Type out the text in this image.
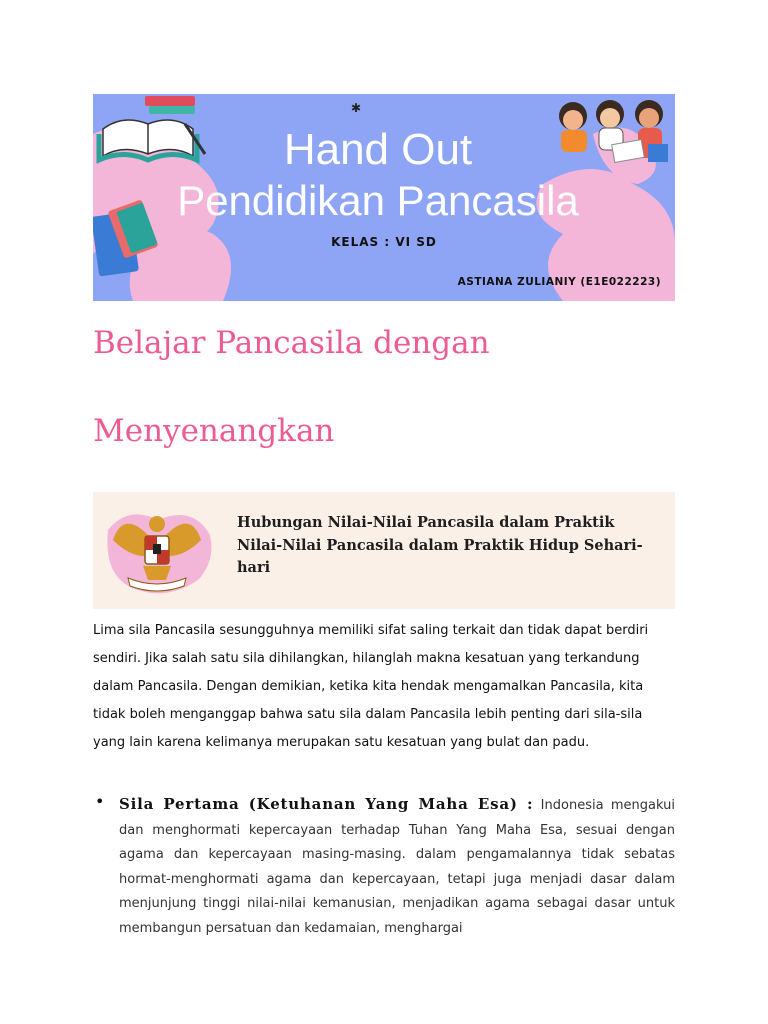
✱
Hand Out
Pendidikan Pancasila
KELAS : VI SD
ASTIANA ZULIANIY (E1E022223)
Belajar Pancasila dengan
Menyenangkan
Hubungan Nilai-Nilai Pancasila dalam Praktik Nilai-Nilai Pancasila dalam Praktik Hidup Sehari-hari
Lima sila Pancasila sesungguhnya memiliki sifat saling terkait dan tidak dapat berdiri sendiri. Jika salah satu sila dihilangkan, hilanglah makna kesatuan yang terkandung dalam Pancasila. Dengan demikian, ketika kita hendak mengamalkan Pancasila, kita tidak boleh menganggap bahwa satu sila dalam Pancasila lebih penting dari sila-sila yang lain karena kelimanya merupakan satu kesatuan yang bulat dan padu.
• Sila Pertama (Ketuhanan Yang Maha Esa) : Indonesia mengakui dan menghormati kepercayaan terhadap Tuhan Yang Maha Esa, sesuai dengan agama dan kepercayaan masing-masing. dalam pengamalannya tidak sebatas hormat-menghormati agama dan kepercayaan, tetapi juga menjadi dasar dalam menjunjung tinggi nilai-nilai kemanusian, menjadikan agama sebagai dasar untuk membangun persatuan dan kedamaian, menghargai
